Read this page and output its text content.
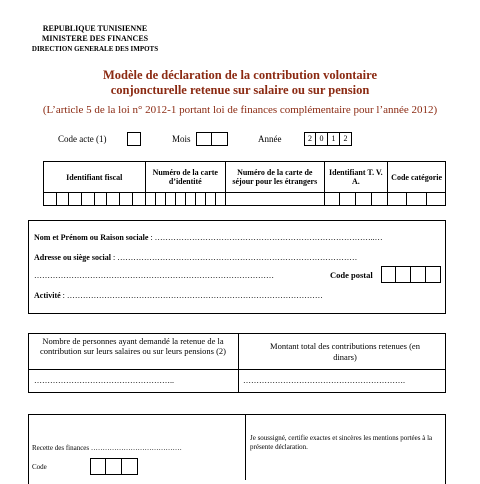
REPUBLIQUE TUNISIENNE
MINISTERE DES FINANCES
DIRECTION GENERALE DES IMPOTS
Modèle de déclaration de la contribution volontaire
conjoncturelle retenue sur salaire ou sur pension
(L’article 5 de la loi n° 2012-1 portant loi de finances complémentaire pour l’année 2012)
Code acte (1)	Mois	Année	2 0	1	2
Identifiant fiscal	Numéro de la carte d’identité	Numéro de la carte de séjour pour les étrangers	Identifiant T. V. A.	Code catégorie

Nom et Prénom ou Raison sociale : ………………………………………………………………………..…
Adresse ou siège social : ………………………………………………………………………………
………………………………………………………………………………	Code postal
Activité : ……………………………………………………………………………………
Nombre de personnes ayant demandé la retenue de la contribution sur leurs salaires ou sur leurs pensions (2)	Montant total des contributions retenues (en dinars)
……………………………………………..	…………………………………………………….
Recette des finances …………………………………
Code
Je soussigné, certifie exactes et sincères les mentions portées à la présente déclaration.
